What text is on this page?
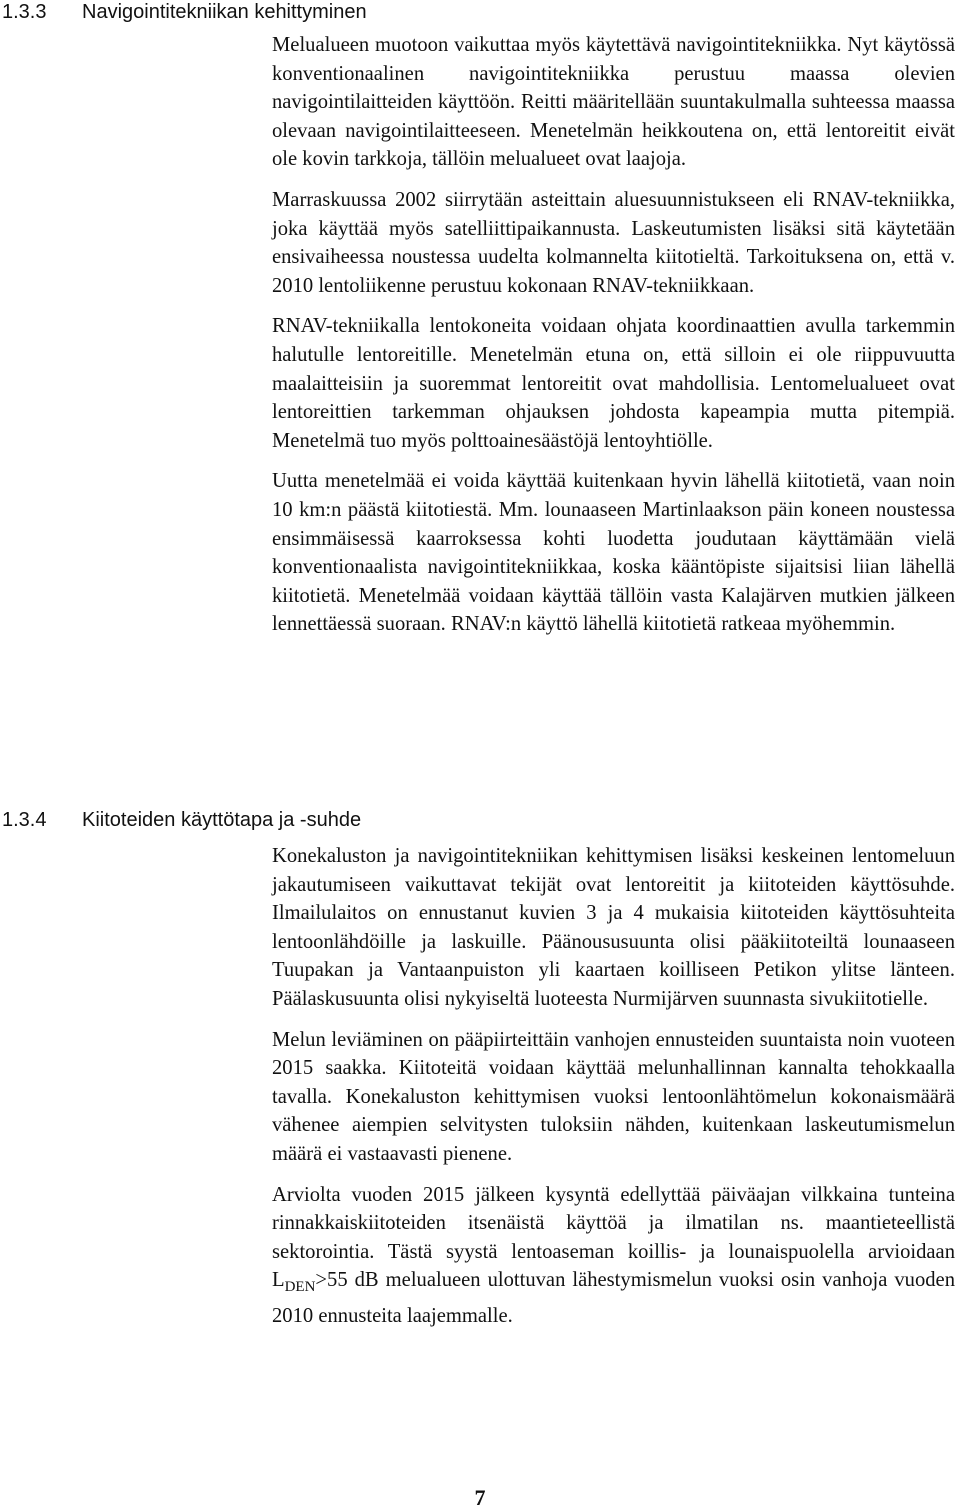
1.3.3 Navigointitekniikan kehittyminen

Melualueen muotoon vaikuttaa myös käytettävä navigointitekniikka. Nyt käytössä konventionaalinen navigointitekniikka perustuu maassa olevien navigointilaitteiden käyttöön. Reitti määritellään suuntakulmalla suhteessa maassa olevaan navigointilaitteeseen. Menetelmän heikkoutena on, että lentoreitit eivät ole kovin tarkkoja, tällöin melualueet ovat laajoja.

Marraskuussa 2002 siirrytään asteittain aluesuunnistukseen eli RNAV-tekniikka, joka käyttää myös satelliittipaikannusta. Laskeutumisten lisäksi sitä käytetään ensivaiheessa noustessa uudelta kolmannelta kiitotieltä. Tarkoituksena on, että v. 2010 lentoliikenne perustuu kokonaan RNAV-tekniikkaan.

RNAV-tekniikalla lentokoneita voidaan ohjata koordinaattien avulla tarkemmin halutulle lentoreitille. Menetelmän etuna on, että silloin ei ole riippuvuutta maalaitteisiin ja suoremmat lentoreitit ovat mahdollisia. Lentomelualueet ovat lentoreittien tarkemman ohjauksen johdosta kapeampia mutta pitempiä. Menetelmä tuo myös polttoainesäästöjä lentoyhtiölle.

Uutta menetelmää ei voida käyttää kuitenkaan hyvin lähellä kiitotietä, vaan noin 10 km:n päästä kiitotiestä. Mm. lounaaseen Martinlaakson päin koneen noustessa ensimmäisessä kaarroksessa kohti luodetta joudutaan käyttämään vielä konventionaalista navigointitekniikkaa, koska kääntöpiste sijaitsisi liian lähellä kiitotietä. Menetelmää voidaan käyttää tällöin vasta Kalajärven mutkien jälkeen lennettäessä suoraan. RNAV:n käyttö lähellä kiitotietä ratkeaa myöhemmin.

1.3.4 Kiitoteiden käyttötapa ja -suhde

Konekaluston ja navigointitekniikan kehittymisen lisäksi keskeinen lentomeluun jakautumiseen vaikuttavat tekijät ovat lentoreitit ja kiitoteiden käyttösuhde. Ilmailulaitos on ennustanut kuvien 3 ja 4 mukaisia kiitoteiden käyttösuhteita lentoonlähdöille ja laskuille. Päänoususuunta olisi pääkiitoteiltä lounaaseen Tuupakan ja Vantaanpuiston yli kaartaen koilliseen Petikon ylitse länteen. Päälaskusuunta olisi nykyiseltä luoteesta Nurmijärven suunnasta sivukiitotielle.

Melun leviäminen on pääpiirteittäin vanhojen ennusteiden suuntaista noin vuoteen 2015 saakka. Kiitoteitä voidaan käyttää melunhallinnan kannalta tehokkaalla tavalla. Konekaluston kehittymisen vuoksi lentoonlähtömelun kokonaismäärä vähenee aiempien selvitysten tuloksiin nähden, kuitenkaan laskeutumismelun määrä ei vastaavasti pienene.

Arviolta vuoden 2015 jälkeen kysyntä edellyttää päiväajan vilkkaina tunteina rinnakkaiskiitoteiden itsenäistä käyttöä ja ilmatilan ns. maantieteellistä sektorointia. Tästä syystä lentoaseman koillis- ja lounaispuolella arvioidaan $L_{DEN}>55$ dB melualueen ulottuvan lähestymismelun vuoksi osin vanhoja vuoden 2010 ennusteita laajemmalle.

7
